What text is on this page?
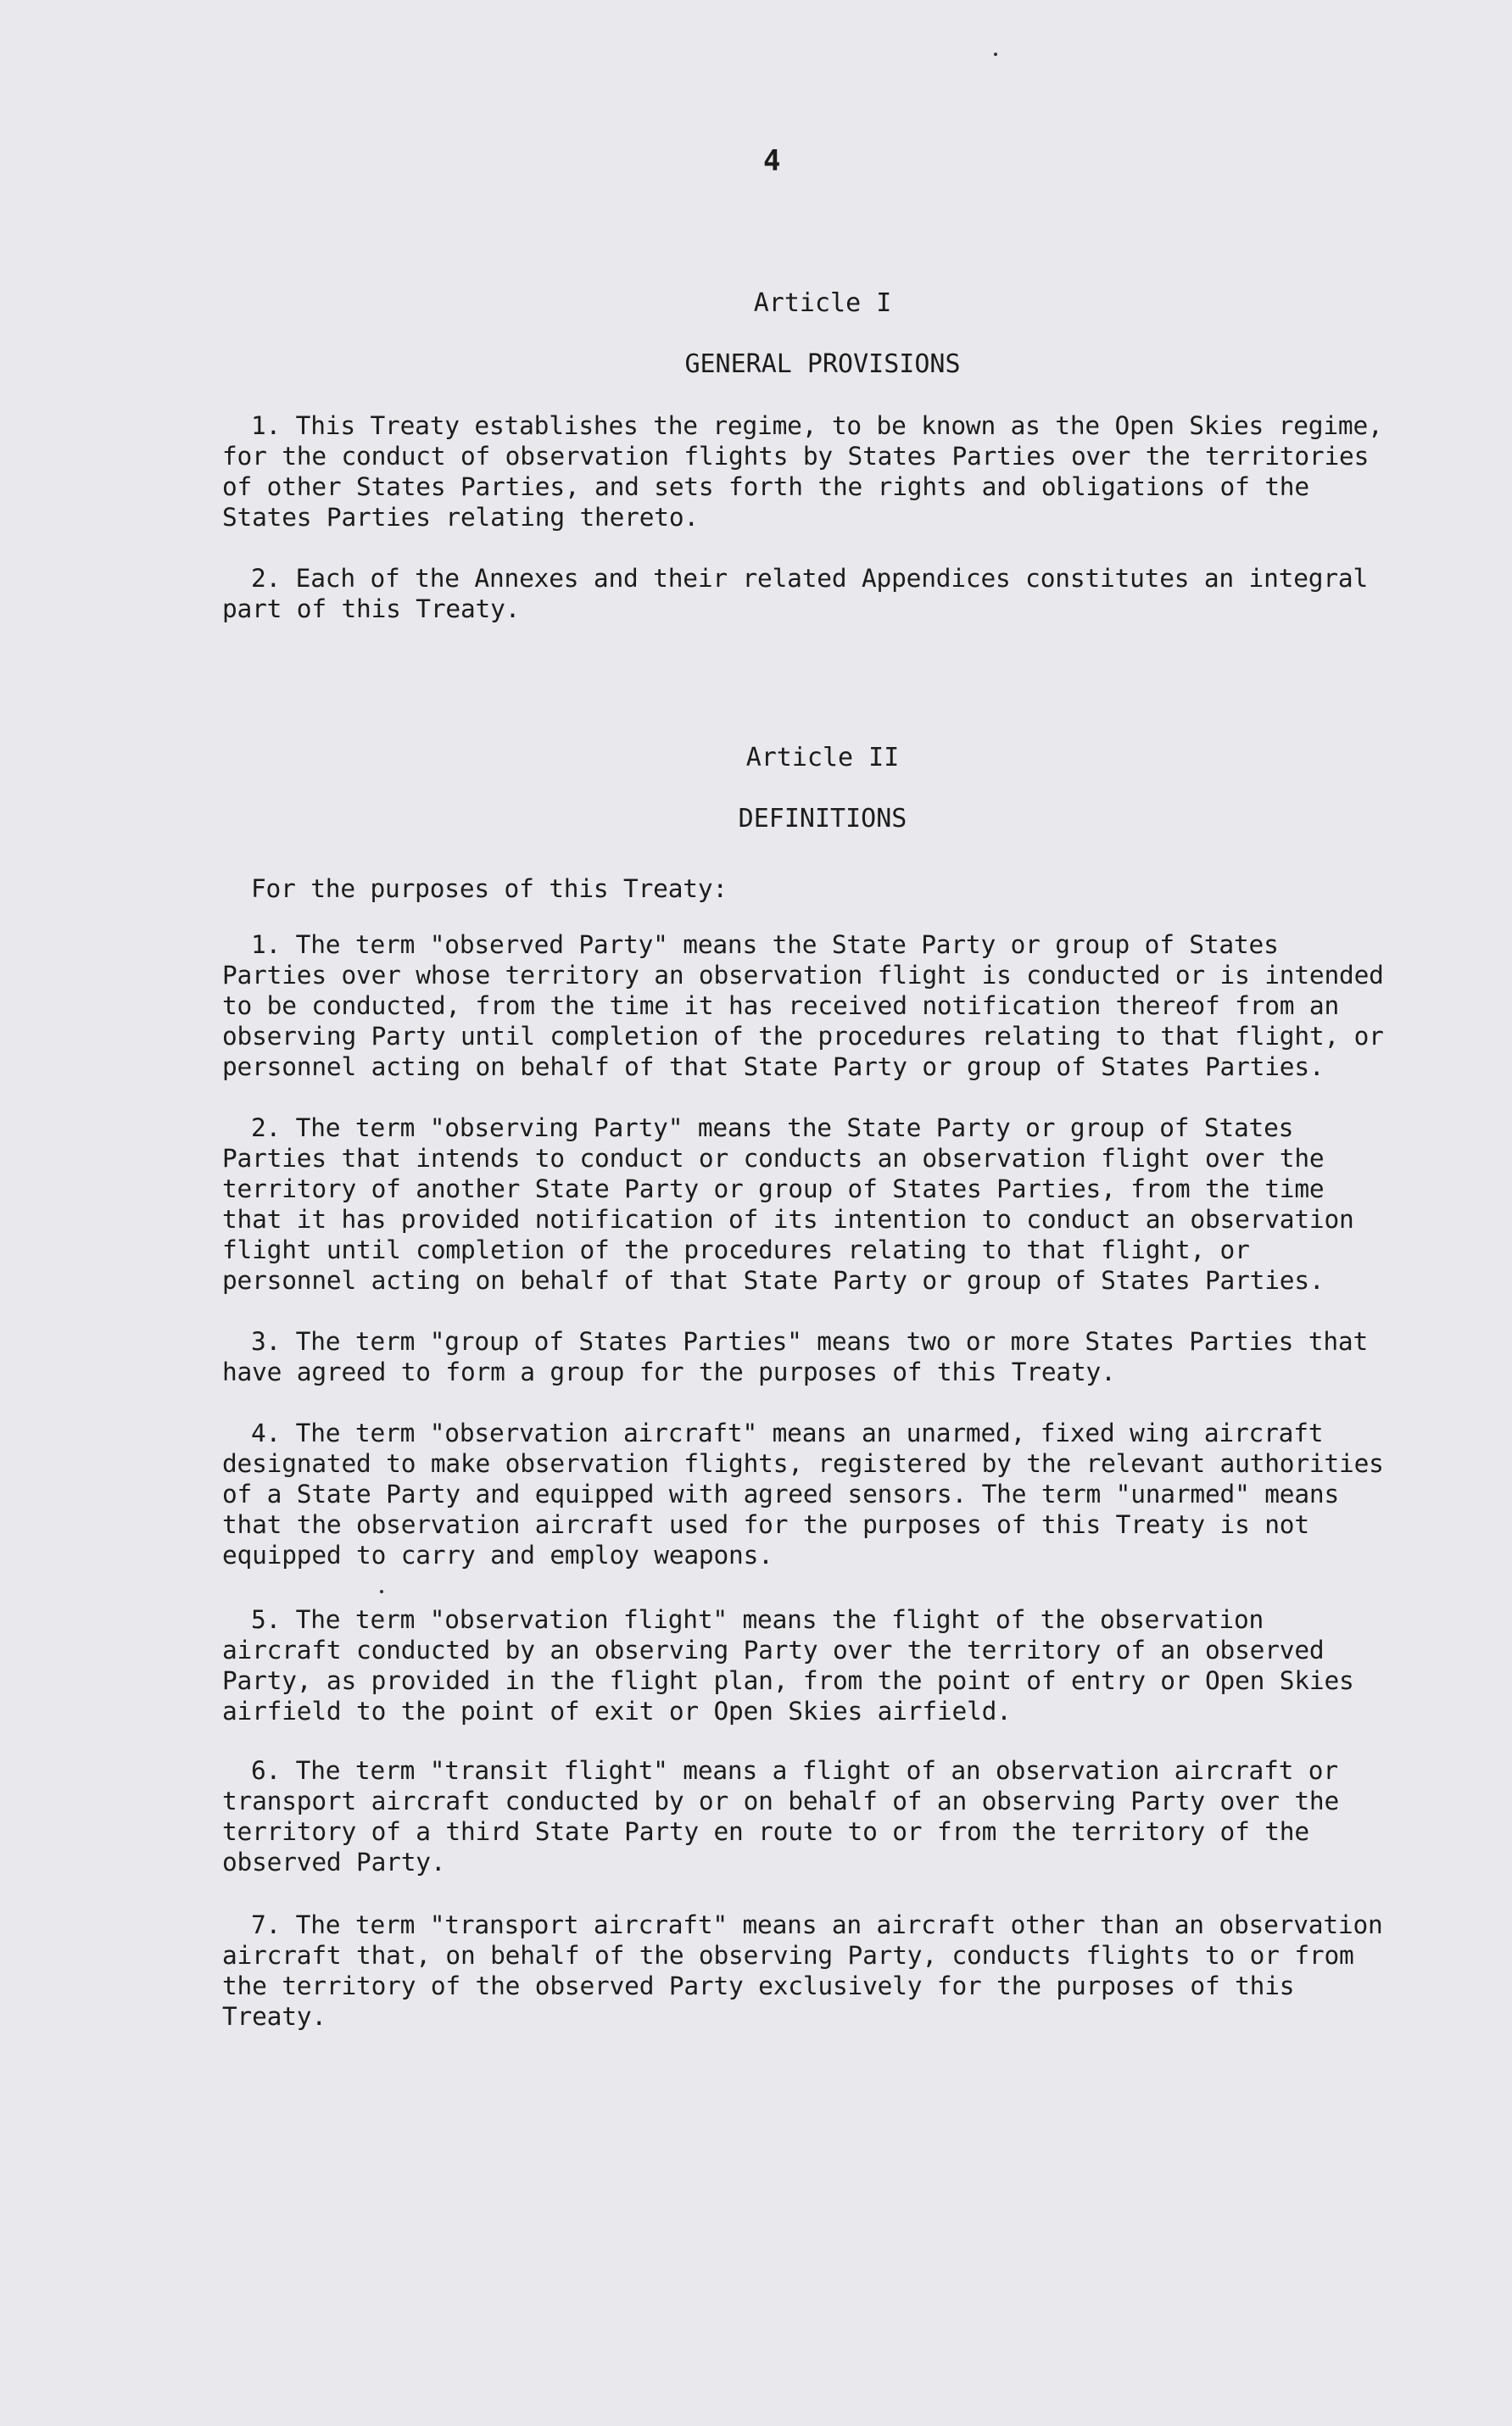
4
Article I
GENERAL PROVISIONS

1. This Treaty establishes the regime, to be known as the Open Skies regime,
for the conduct of observation flights by States Parties over the territories
of other States Parties, and sets forth the rights and obligations of the
States Parties relating thereto.

2. Each of the Annexes and their related Appendices constitutes an integral
part of this Treaty.

Article II
DEFINITIONS

For the purposes of this Treaty:

1. The term "observed Party" means the State Party or group of States
Parties over whose territory an observation flight is conducted or is intended
to be conducted, from the time it has received notification thereof from an
observing Party until completion of the procedures relating to that flight, or
personnel acting on behalf of that State Party or group of States Parties.

2. The term "observing Party" means the State Party or group of States
Parties that intends to conduct or conducts an observation flight over the
territory of another State Party or group of States Parties, from the time
that it has provided notification of its intention to conduct an observation
flight until completion of the procedures relating to that flight, or
personnel acting on behalf of that State Party or group of States Parties.

3. The term "group of States Parties" means two or more States Parties that
have agreed to form a group for the purposes of this Treaty.

4. The term "observation aircraft" means an unarmed, fixed wing aircraft
designated to make observation flights, registered by the relevant authorities
of a State Party and equipped with agreed sensors. The term "unarmed" means
that the observation aircraft used for the purposes of this Treaty is not
equipped to carry and employ weapons.

5. The term "observation flight" means the flight of the observation
aircraft conducted by an observing Party over the territory of an observed
Party, as provided in the flight plan, from the point of entry or Open Skies
airfield to the point of exit or Open Skies airfield.

6. The term "transit flight" means a flight of an observation aircraft or
transport aircraft conducted by or on behalf of an observing Party over the
territory of a third State Party en route to or from the territory of the
observed Party.

7. The term "transport aircraft" means an aircraft other than an observation
aircraft that, on behalf of the observing Party, conducts flights to or from
the territory of the observed Party exclusively for the purposes of this
Treaty.
